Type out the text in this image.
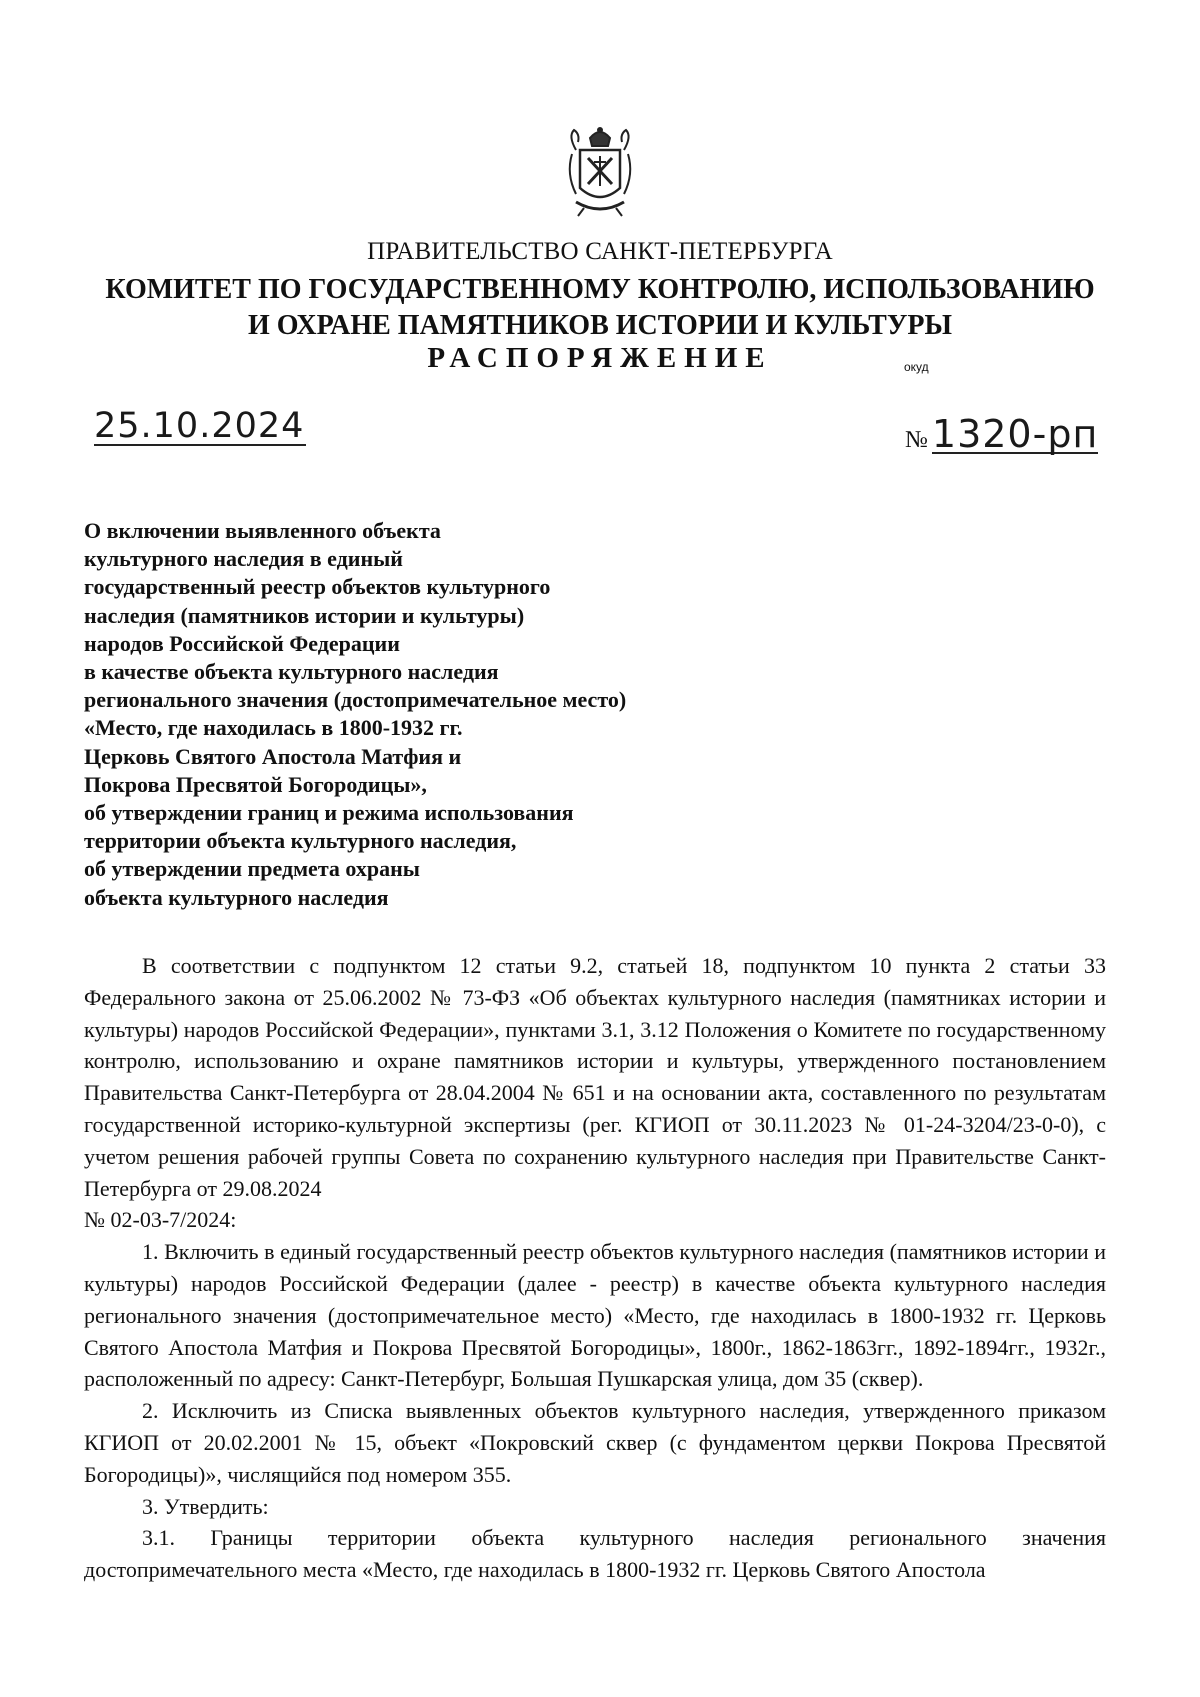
ПРАВИТЕЛЬСТВО САНКТ-ПЕТЕРБУРГА
КОМИТЕТ ПО ГОСУДАРСТВЕННОМУ КОНТРОЛЮ, ИСПОЛЬЗОВАНИЮ
И ОХРАНЕ ПАМЯТНИКОВ ИСТОРИИ И КУЛЬТУРЫ
РАСПОРЯЖЕНИЕ	окуд
25.10.2024	№ 1320-рп
О включении выявленного объекта
культурного наследия в единый
государственный реестр объектов культурного
наследия (памятников истории и культуры)
народов Российской Федерации
в качестве объекта культурного наследия
регионального значения (достопримечательное место)
«Место, где находилась в 1800-1932 гг.
Церковь Святого Апостола Матфия и
Покрова Пресвятой Богородицы»,
об утверждении границ и режима использования
территории объекта культурного наследия,
об утверждении предмета охраны
объекта культурного наследия

В соответствии с подпунктом 12 статьи 9.2, статьей 18, подпунктом 10 пункта 2 статьи 33 Федерального закона от 25.06.2002 № 73-ФЗ «Об объектах культурного наследия (памятниках истории и культуры) народов Российской Федерации», пунктами 3.1, 3.12 Положения о Комитете по государственному контролю, использованию и охране памятников истории и культуры, утвержденного постановлением Правительства Санкт-Петербурга от 28.04.2004 № 651 и на основании акта, составленного по результатам государственной историко-культурной экспертизы (рег. КГИОП от 30.11.2023 № 01-24-3204/23-0-0), с учетом решения рабочей группы Совета по сохранению культурного наследия при Правительстве Санкт-Петербурга от 29.08.2024

№ 02-03-7/2024:

1. Включить в единый государственный реестр объектов культурного наследия (памятников истории и культуры) народов Российской Федерации (далее - реестр) в качестве объекта культурного наследия регионального значения (достопримечательное место) «Место, где находилась в 1800-1932 гг. Церковь Святого Апостола Матфия и Покрова Пресвятой Богородицы», 1800г., 1862-1863гг., 1892-1894гг., 1932г., расположенный по адресу: Санкт-Петербург, Большая Пушкарская улица, дом 35 (сквер).

2. Исключить из Списка выявленных объектов культурного наследия, утвержденного приказом КГИОП от 20.02.2001 № 15, объект «Покровский сквер (с фундаментом церкви Покрова Пресвятой Богородицы)», числящийся под номером 355.

3. Утвердить:

3.1. Границы территории объекта культурного наследия регионального значения достопримечательного места «Место, где находилась в 1800-1932 гг. Церковь Святого Апостола
